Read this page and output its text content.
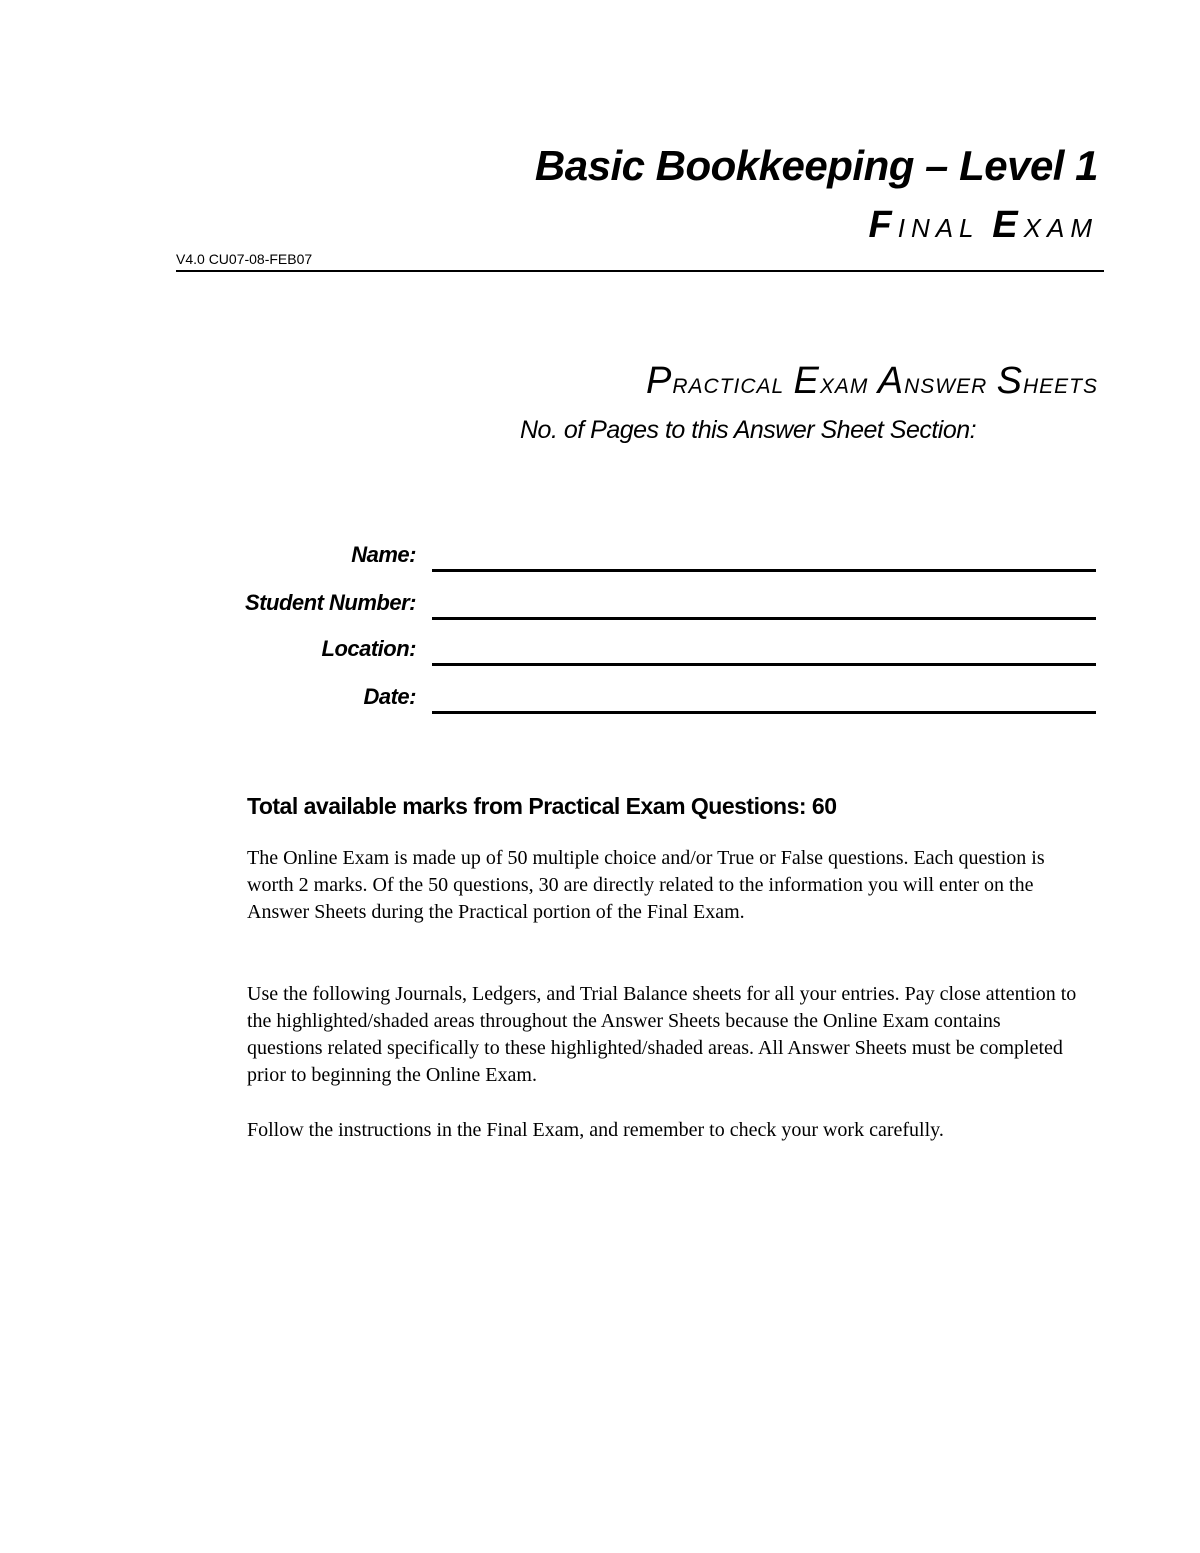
Basic Bookkeeping – Level 1
FINAL EXAM
V4.0 CU07-08-FEB07
Practical Exam Answer Sheets
No. of Pages to this Answer Sheet Section:
Name:
Student Number:
Location:
Date:
Total available marks from Practical Exam Questions: 60

The Online Exam is made up of 50 multiple choice and/or True or False questions. Each question is worth 2 marks. Of the 50 questions, 30 are directly related to the information you will enter on the Answer Sheets during the Practical portion of the Final Exam.

Use the following Journals, Ledgers, and Trial Balance sheets for all your entries. Pay close attention to the highlighted/shaded areas throughout the Answer Sheets because the Online Exam contains questions related specifically to these highlighted/shaded areas. All Answer Sheets must be completed prior to beginning the Online Exam.

Follow the instructions in the Final Exam, and remember to check your work carefully.
